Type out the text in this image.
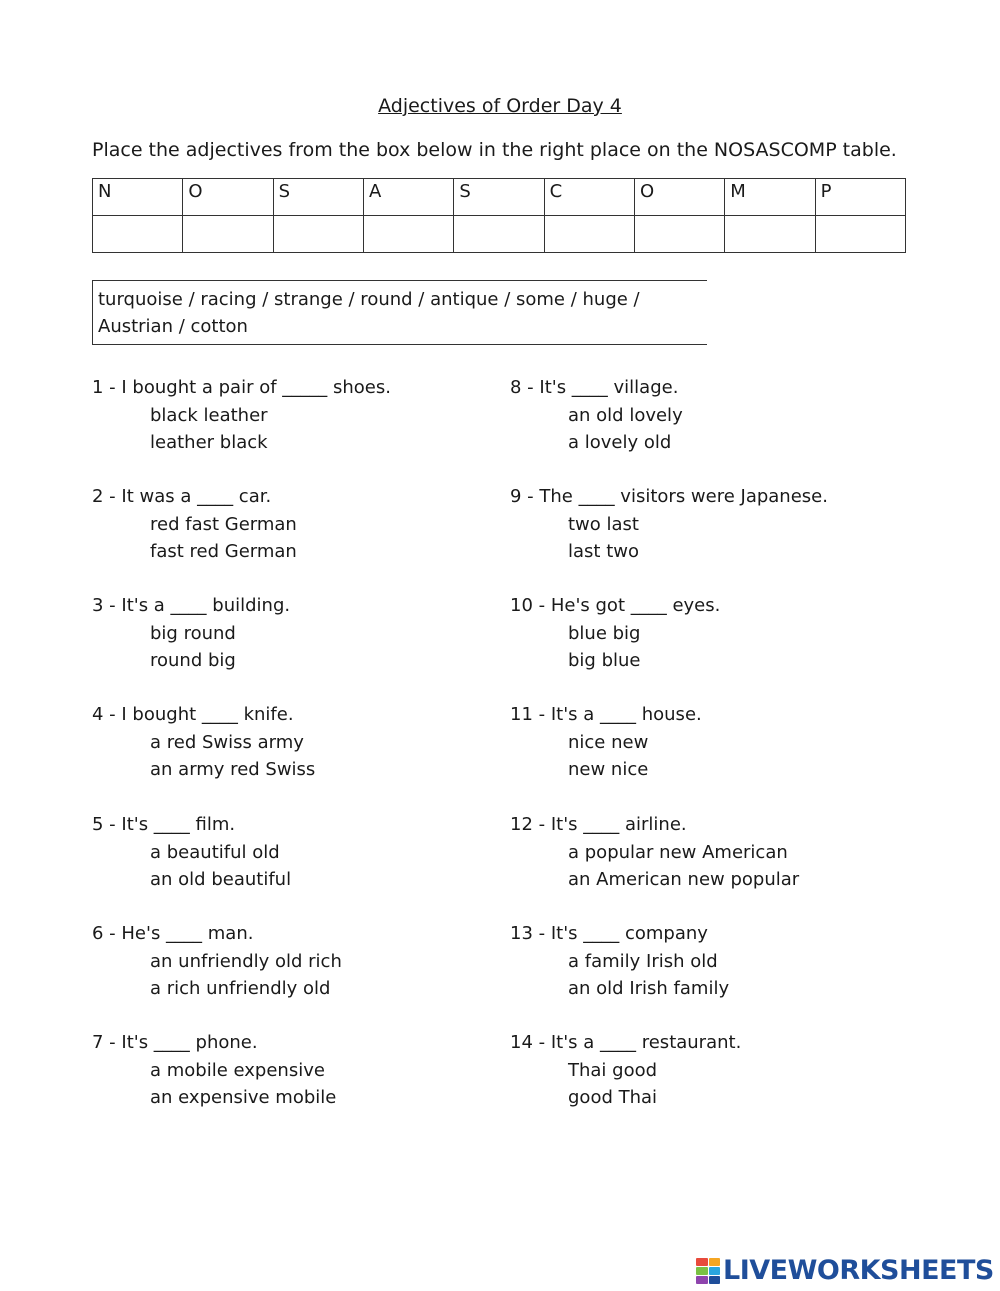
Adjectives of Order Day 4
Place the adjectives from the box below in the right place on the NOSASCOMP table.
N	O	S	A	S	C	O	M	P

turquoise / racing / strange / round / antique / some / huge /
Austrian / cotton
1 - I bought a pair of _____ shoes.
black leather
leather black
2 - It was a ____ car.
red fast German
fast red German
3 - It's a ____ building.
big round
round big
4 - I bought ____ knife.
a red Swiss army
an army red Swiss
5 - It's ____ film.
a beautiful old
an old beautiful
6 - He's ____ man.
an unfriendly old rich
a rich unfriendly old
7 - It's ____ phone.
a mobile expensive
an expensive mobile
8 - It's ____ village.
an old lovely
a lovely old
9 - The ____ visitors were Japanese.
two last
last two
10 - He's got ____ eyes.
blue big
big blue
11 - It's a ____ house.
nice new
new nice
12 - It's ____ airline.
a popular new American
an American new popular
13 - It's ____ company
a family Irish old
an old Irish family
14 - It's a ____ restaurant.
Thai good
good Thai
LIVEWORKSHEETS
